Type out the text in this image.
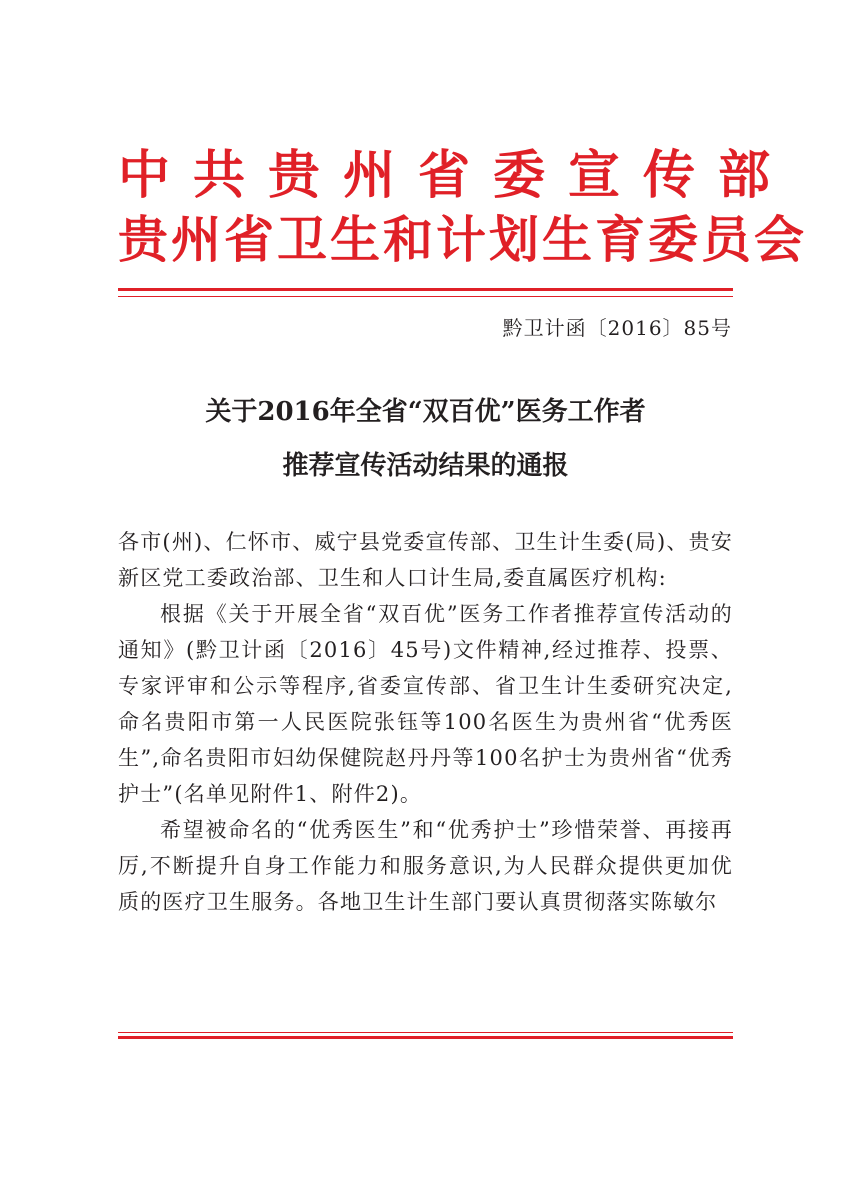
中共贵州省委宣传部
贵州省卫生和计划生育委员会
黔卫计函〔2016〕85号
关于2016年全省“双百优”医务工作者
推荐宣传活动结果的通报

各市(州)、仁怀市、威宁县党委宣传部、卫生计生委(局)、贵安新区党工委政治部、卫生和人口计生局,委直属医疗机构:

根据《关于开展全省“双百优”医务工作者推荐宣传活动的通知》(黔卫计函〔2016〕45号)文件精神,经过推荐、投票、专家评审和公示等程序,省委宣传部、省卫生计生委研究决定,命名贵阳市第一人民医院张钰等100名医生为贵州省“优秀医生”,命名贵阳市妇幼保健院赵丹丹等100名护士为贵州省“优秀护士”(名单见附件1、附件2)。

希望被命名的“优秀医生”和“优秀护士”珍惜荣誉、再接再厉,不断提升自身工作能力和服务意识,为人民群众提供更加优质的医疗卫生服务。各地卫生计生部门要认真贯彻落实陈敏尔
